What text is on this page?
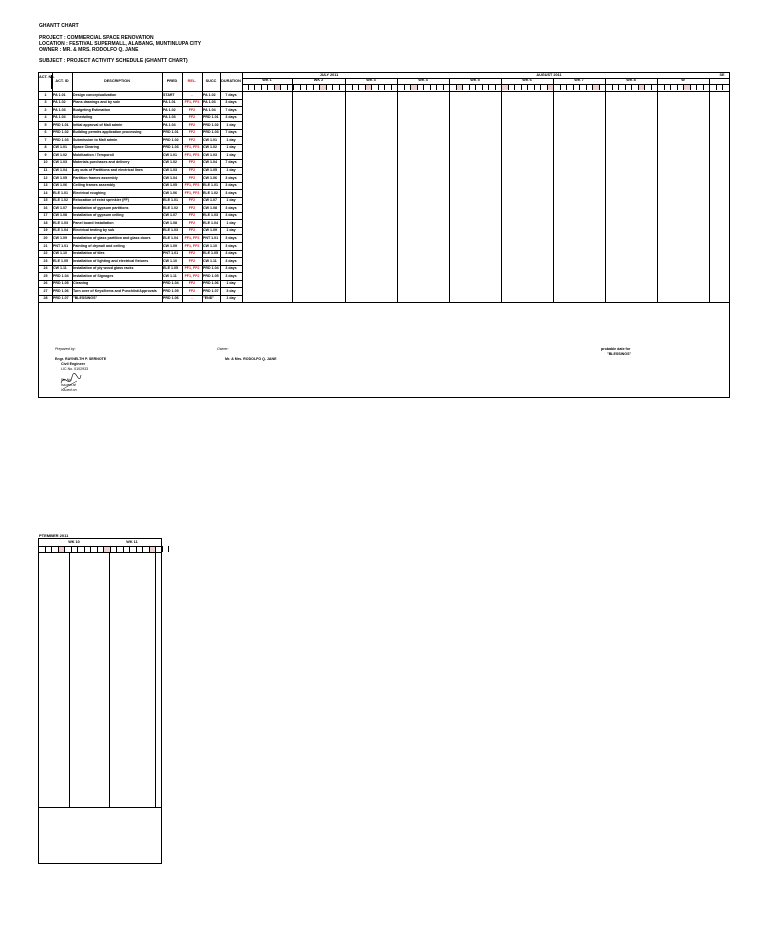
GHANTT CHART
PROJECT : COMMERCIAL SPACE RENOVATION
LOCATION : FESTIVAL SUPERMALL, ALABANG, MUNTINLUPA CITY
OWNER : MR. & MRS. RODOLFO Q. JANE
SUBJECT : PROJECT ACTIVITY SCHEDULE (GHANTT CHART)
ACT. No.
ACT. ID	DESCRIPTION	PRED	REL.	SUCC	DURATION
JULY 2011	AUGUST 2011	SE
WK 1	WK 2	WK 3	WK 4	WK 5	WK 6	WK 7	WK 8	W
1	PA 1.01	Design conceptualization	START	-	PA 1.02	7 days
3	PA 1.02	Plans drawings and by sole	PA 1.01	FF1, FF2	PA 1.03	3 days
2	PA 1.03	Budgeting Estimation	PA 1.02	FF2	PA 1.04	7 days
4	PA 1.04	Scheduling	PA 1.03	FF2	PRD 1.01	3 days
5	PRD 1.01	Initial approval of Mall admin	PA 1.04	FF2	PRD 1.02	1 day
6	PRD 1.02	Building permits application processing	PRD 1.01	FF2	PRD 1.03	7 days
7	PRD 1.03	Submission to Mall admin	PRD 1.02	FF2	CW 1.01	1 day
8	CW 1.01	Space Clearing	PRD 1.03	FF1, FF2	CW 1.02	1 day
9	CW 1.02	Mobilization / Temporoll	CW 1.01	FF1, FF2	CW 1.03	1 day
10	CW 1.03	Materials purchases and delivery	CW 1.02	FF2	CW 1.04	7 days
11	CW 1.04	Lay outs of Partitions and electrical lines	CW 1.03	FF2	CW 1.05	1 day
12	CW 1.05	Partition frames assembly	CW 1.04	FF2	CW 1.06	3 days
13	CW 1.06	Ceiling frames assembly	CW 1.05	FF1, FF2	ELE 1.01	3 days
14	ELE 1.01	Electrical roughing	CW 1.06	FF1, FF2	ELE 1.02	3 days
15	ELE 1.02	Relocation of exist sprinkler (FF)	ELE 1.01	FF2	CW 1.07	1 day
16	CW 1.07	Installation of gypsum partitions	ELE 1.02	FF2	CW 1.08	3 days
17	CW 1.08	Installation of gypsum ceiling	CW 1.07	FF2	ELE 1.03	3 days
18	ELE 1.03	Panel board Installation	CW 1.08	FF2	ELE 1.04	1 day
19	ELE 1.04	Electrical testing by sub	ELE 1.03	FF2	CW 1.09	1 day
20	CW 1.09	Installation of glass partition and glass doors	ELE 1.04	FF1, FF2	PNT 1.01	3 days
21	PNT 1.01	Painting of drywall and ceiling	CW 1.09	FF1, FF2	CW 1.10	3 days
22	CW 1.10	Installation of tiles	PNT 1.01	FF2	ELE 1.05	3 days
23	ELE 1.05	Installation of lighting and electrical fixtures	CW 1.10	FF2	CW 1.11	3 days
24	CW 1.11	Installation of ply wood glass racks	ELE 1.05	FF1, FF2	PRD 1.04	3 days
25	PRD 1.04	Installation of Signages	CW 1.11	FF1, FF2	PRD 1.05	3 days
26	PRD 1.05	Cleaning	PRD 1.04	FF2	PRD 1.06	1 day
27	PRD 1.06	Turn over of Keys/Items and Punchlist/Approvals	PRD 1.05	FF2	PRD 1.07	3 day
28	PRD 1.07	"BLESSINGS"	PRD 1.06	-	"END"	1 day
Prepared by:
Engr. RAYNELTH P. SERNOTE
Civil Engineer
LIC No. 0102933
Ptr No.
Issued at
Issued on
Owner:
Mr. & Mrs. RODOLFO Q. JANE
probable date for
"BLESSINGS"
PTEMBER 2011
WK 10	WK 11
